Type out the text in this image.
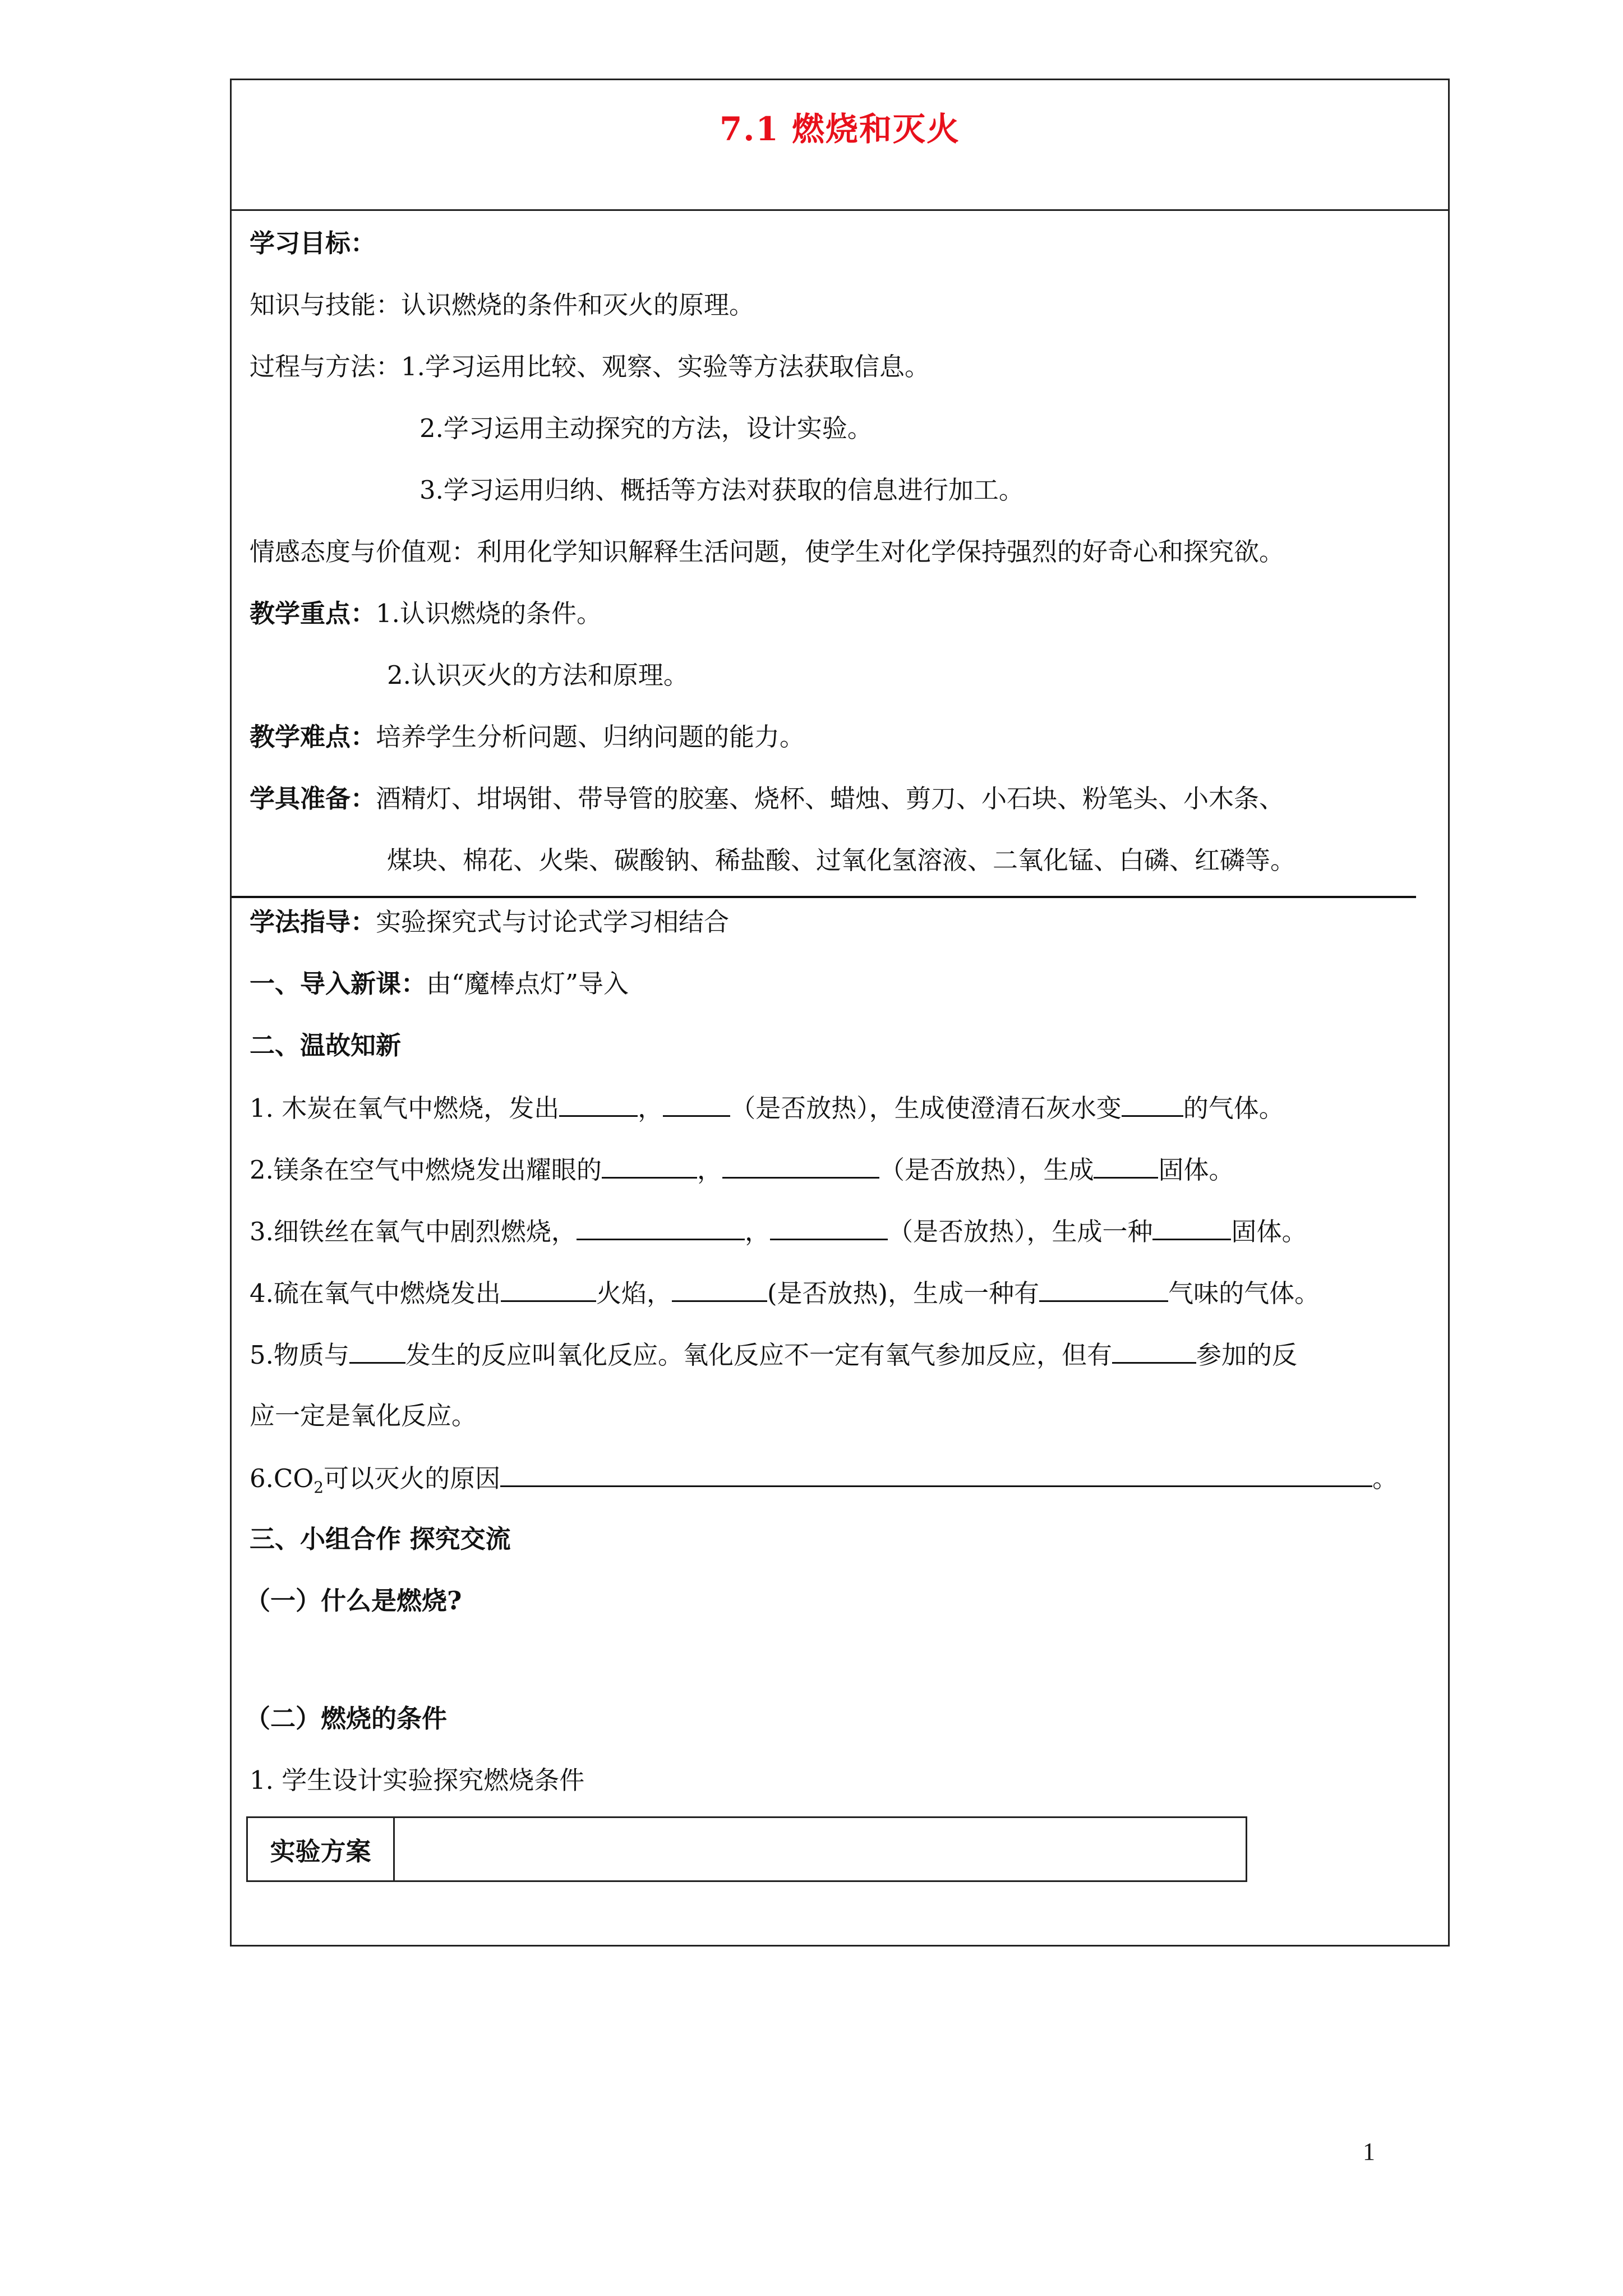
7.1 燃烧和灭火
学习目标：
知识与技能：认识燃烧的条件和灭火的原理。
过程与方法：1.学习运用比较、观察、实验等方法获取信息。
2.学习运用主动探究的方法，设计实验。
3.学习运用归纳、概括等方法对获取的信息进行加工。
情感态度与价值观：利用化学知识解释生活问题，使学生对化学保持强烈的好奇心和探究欲。
教学重点：1.认识燃烧的条件。
2.认识灭火的方法和原理。
教学难点：培养学生分析问题、归纳问题的能力。
学具准备：酒精灯、坩埚钳、带导管的胶塞、烧杯、蜡烛、剪刀、小石块、粉笔头、小木条、
煤块、棉花、火柴、碳酸钠、稀盐酸、过氧化氢溶液、二氧化锰、白磷、红磷等。
学法指导：实验探究式与讨论式学习相结合
一、导入新课：由“魔棒点灯”导入
二、温故知新
1. 木炭在氧气中燃烧，发出	，	（是否放热），生成使澄清石灰水变 的气体。
2.镁条在空气中燃烧发出耀眼的	，	（是否放热），生成	固体。
3.细铁丝在氧气中剧烈燃烧，	，	（是否放热），生成一种	固体。
4.硫在氧气中燃烧发出	火焰，	(是否放热)，生成一种有	气味的气体。
5.物质与 发生的反应叫氧化反应。氧化反应不一定有氧气参加反应，但有	参加的反
应一定是氧化反应。
$6.CO_2$可以灭火的原因	。
三、小组合作 探究交流
（一）什么是燃烧?
（二）燃烧的条件
1. 学生设计实验探究燃烧条件
实验方案
1
